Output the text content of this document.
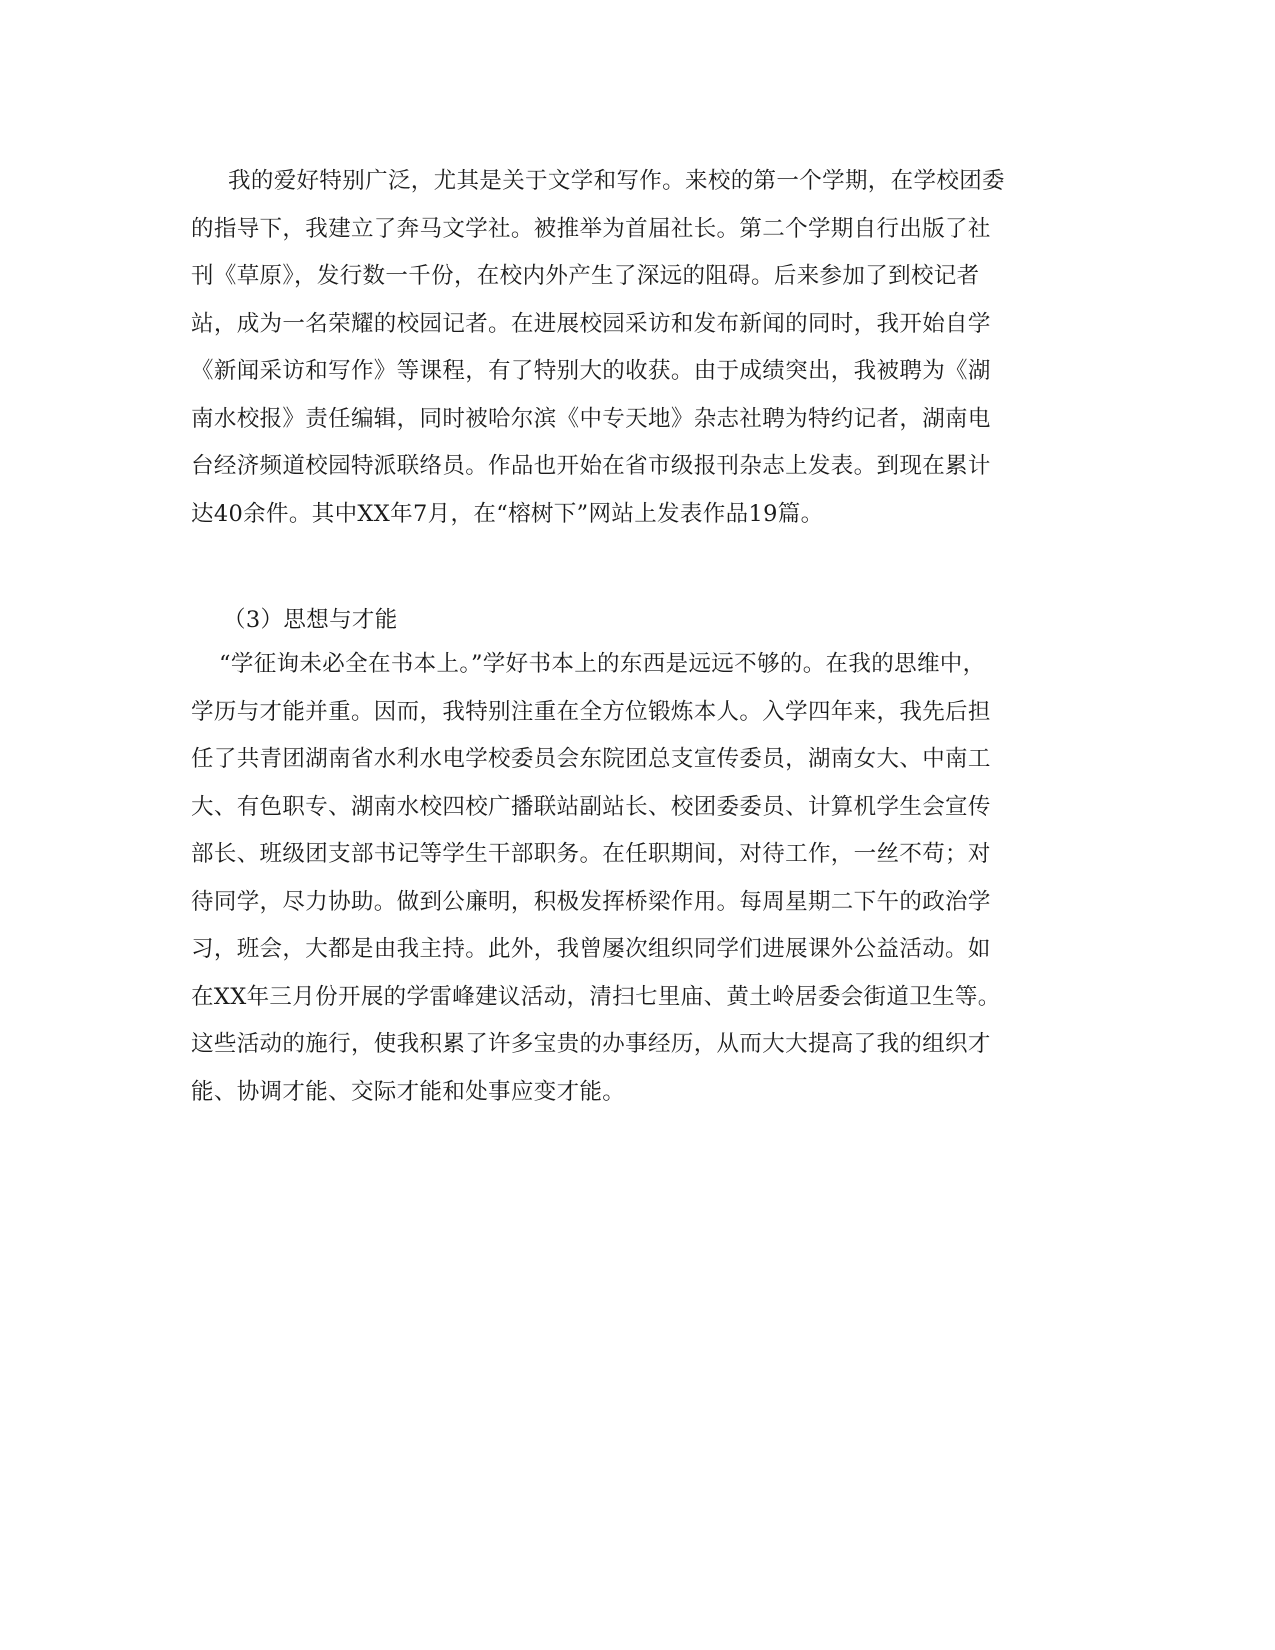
我的爱好特别广泛，尤其是关于文学和写作。来校的第一个学期，在学校团委
的指导下，我建立了奔马文学社。被推举为首届社长。第二个学期自行出版了社
刊《草原》，发行数一千份，在校内外产生了深远的阻碍。后来参加了到校记者
站，成为一名荣耀的校园记者。在进展校园采访和发布新闻的同时，我开始自学
《新闻采访和写作》等课程，有了特别大的收获。由于成绩突出，我被聘为《湖
南水校报》责任编辑，同时被哈尔滨《中专天地》杂志社聘为特约记者，湖南电
台经济频道校园特派联络员。作品也开始在省市级报刊杂志上发表。到现在累计
达40余件。其中XX年7月，在“榕树下”网站上发表作品19篇。
（3）思想与才能
“学征询未必全在书本上。”学好书本上的东西是远远不够的。在我的思维中，
学历与才能并重。因而，我特别注重在全方位锻炼本人。入学四年来，我先后担
任了共青团湖南省水利水电学校委员会东院团总支宣传委员，湖南女大、中南工
大、有色职专、湖南水校四校广播联站副站长、校团委委员、计算机学生会宣传
部长、班级团支部书记等学生干部职务。在任职期间，对待工作，一丝不苟；对
待同学，尽力协助。做到公廉明，积极发挥桥梁作用。每周星期二下午的政治学
习，班会，大都是由我主持。此外，我曾屡次组织同学们进展课外公益活动。如
在XX年三月份开展的学雷峰建议活动，清扫七里庙、黄土岭居委会街道卫生等。
这些活动的施行，使我积累了许多宝贵的办事经历，从而大大提高了我的组织才
能、协调才能、交际才能和处事应变才能。
